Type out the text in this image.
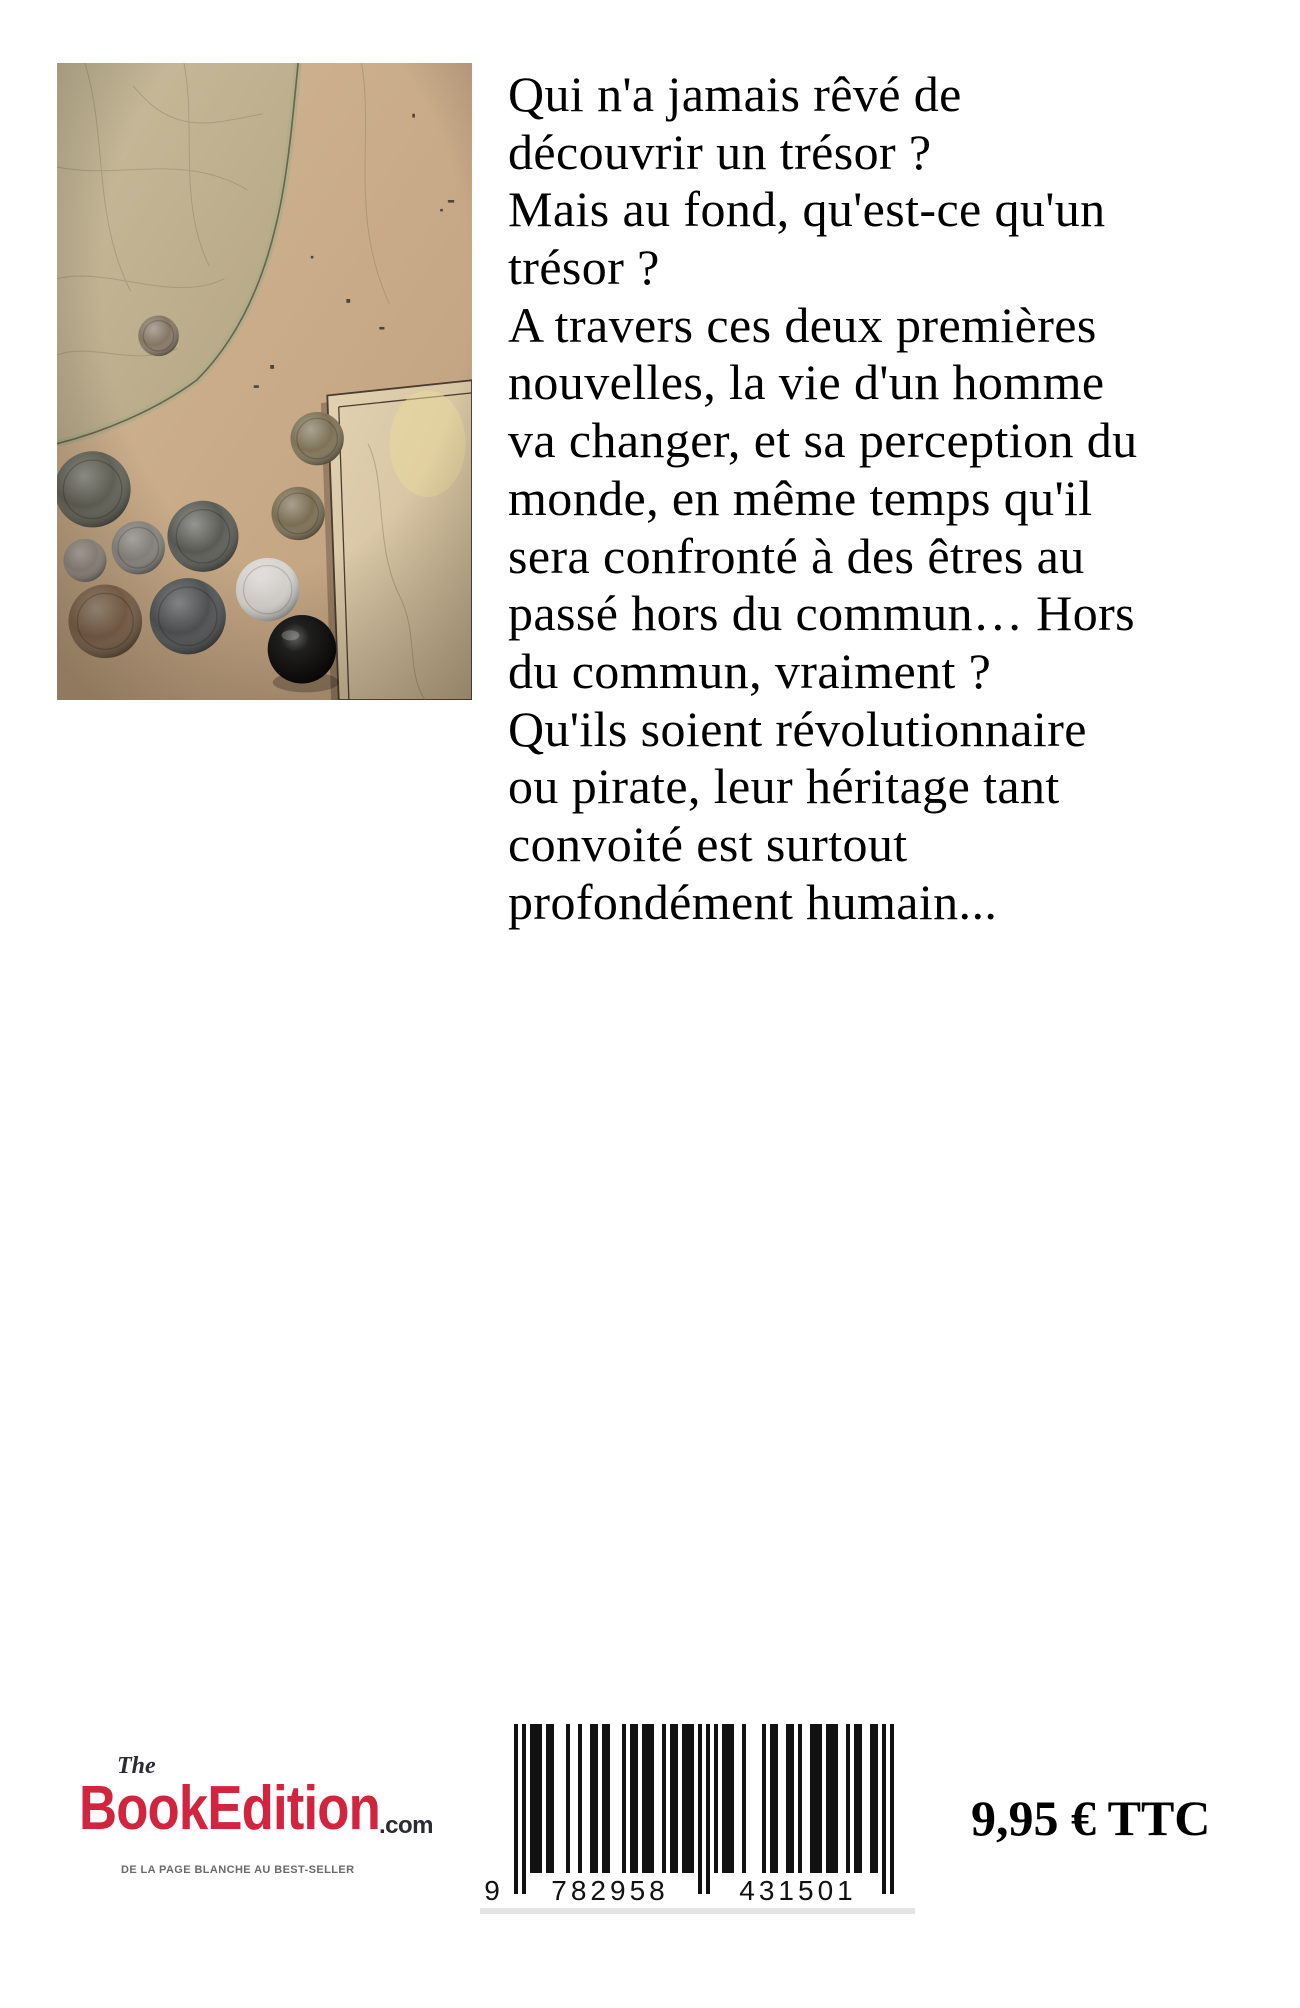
Qui n'a jamais rêvé de
découvrir un trésor ?
Mais au fond, qu'est-ce qu'un
trésor ?
A travers ces deux premières
nouvelles, la vie d'un homme
va changer, et sa perception du
monde, en même temps qu'il
sera confronté à des êtres au
passé hors du commun… Hors
du commun, vraiment ?
Qu'ils soient révolutionnaire
ou pirate, leur héritage tant
convoité est surtout
profondément humain...
The
BookEdition .com
DE LA PAGE BLANCHE AU BEST-SELLER
9 782958	431501
9,95 € TTC
